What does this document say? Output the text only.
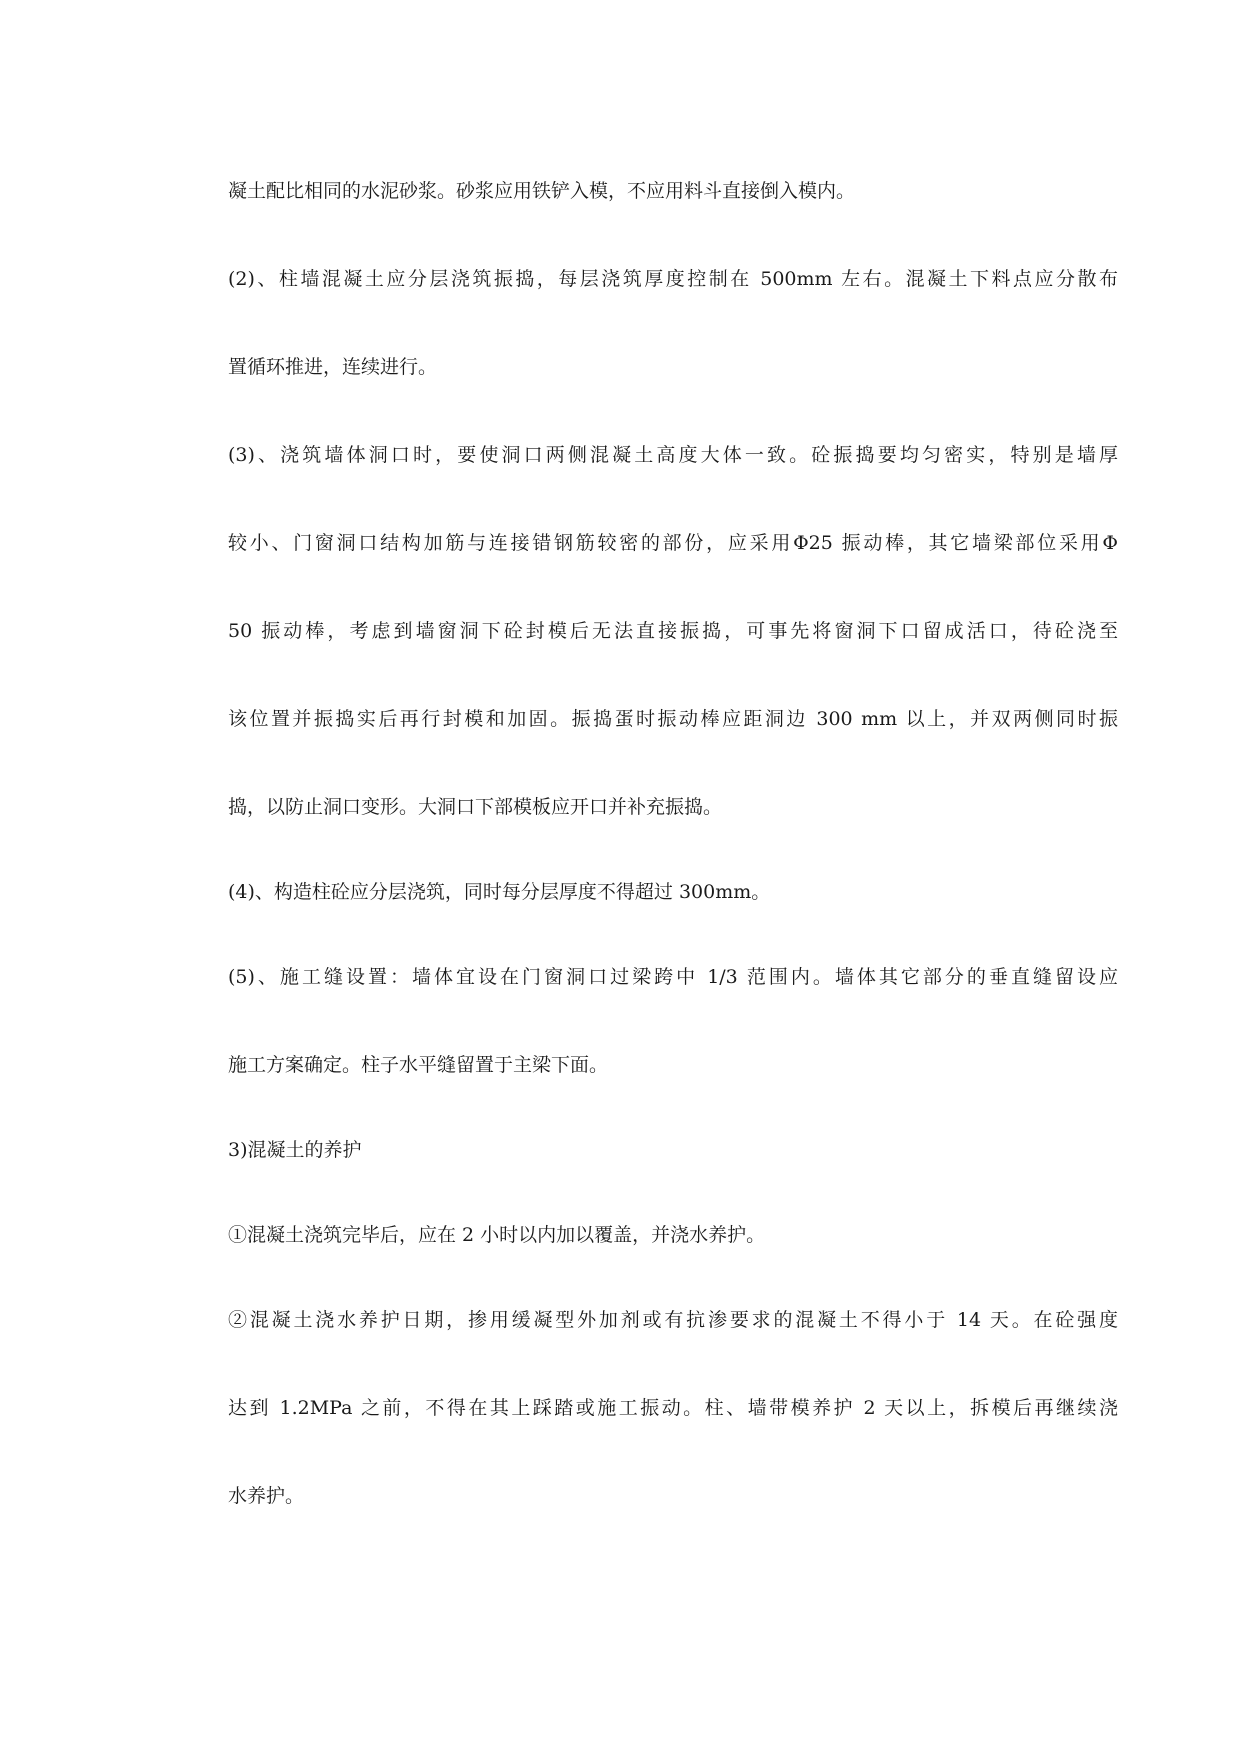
凝土配比相同的水泥砂浆。砂浆应用铁铲入模，不应用料斗直接倒入模内。
(2)、柱墙混凝土应分层浇筑振捣，每层浇筑厚度控制在 500mm 左右。混凝土下料点应分散布
置循环推进，连续进行。
(3)、浇筑墙体洞口时，要使洞口两侧混凝土高度大体一致。砼振捣要均匀密实，特别是墙厚
较小、门窗洞口结构加筋与连接错钢筋较密的部份，应采用Φ25 振动棒，其它墙梁部位采用Φ
50 振动棒，考虑到墙窗洞下砼封模后无法直接振捣，可事先将窗洞下口留成活口，待砼浇至
该位置并振捣实后再行封模和加固。振捣蛋时振动棒应距洞边 300 mm 以上，并双两侧同时振
捣，以防止洞口变形。大洞口下部模板应开口并补充振捣。
(4)、构造柱砼应分层浇筑，同时每分层厚度不得超过 300mm。
(5)、施工缝设置：墙体宜设在门窗洞口过梁跨中 1/3 范围内。墙体其它部分的垂直缝留设应
施工方案确定。柱子水平缝留置于主梁下面。
3)混凝土的养护
①混凝土浇筑完毕后，应在 2 小时以内加以覆盖，并浇水养护。
②混凝土浇水养护日期，掺用缓凝型外加剂或有抗渗要求的混凝土不得小于 14 天。在砼强度
达到 1.2MPa 之前，不得在其上踩踏或施工振动。柱、墙带模养护 2 天以上，拆模后再继续浇
水养护。
